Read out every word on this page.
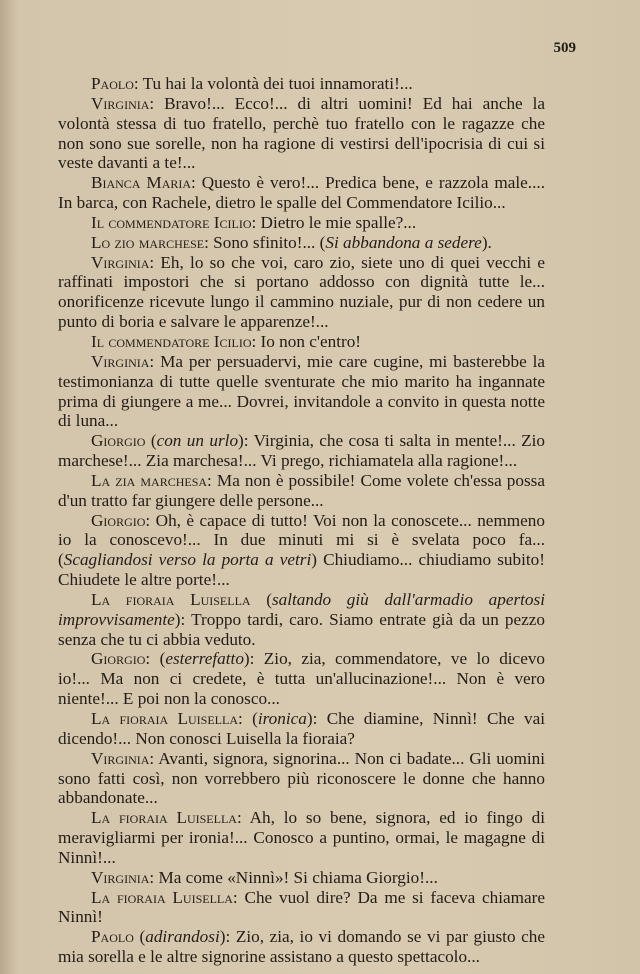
509

Paolo: Tu hai la volontà dei tuoi innamorati!...

Virginia: Bravo!... Ecco!... di altri uomini! Ed hai anche la volontà stessa di tuo fratello, perchè tuo fratello con le ragazze che non sono sue sorelle, non ha ragione di vestirsi dell'ipocrisia di cui si veste davanti a te!...

Bianca Maria: Questo è vero!... Predica bene, e razzola male.... In barca, con Rachele, dietro le spalle del Commendatore Icilio...

Il commendatore Icilio: Dietro le mie spalle?...

Lo zio marchese: Sono sfinito!... (Si abbandona a sedere).

Virginia: Eh, lo so che voi, caro zio, siete uno di quei vecchi e raffinati impostori che si portano addosso con dignità tutte le... onorificenze ricevute lungo il cammino nuziale, pur di non cedere un punto di boria e salvare le apparenze!...

Il commendatore Icilio: Io non c'entro!

Virginia: Ma per persuadervi, mie care cugine, mi basterebbe la testimonianza di tutte quelle sventurate che mio marito ha ingannate prima di giungere a me... Dovrei, invitandole a convito in questa notte di luna...

Giorgio (con un urlo): Virginia, che cosa ti salta in mente!... Zio marchese!... Zia marchesa!... Vi prego, richiamatela alla ragione!...

La zia marchesa: Ma non è possibile! Come volete ch'essa possa d'un tratto far giungere delle persone...

Giorgio: Oh, è capace di tutto! Voi non la conoscete... nemmeno io la conoscevo!... In due minuti mi si è svelata poco fa... (Scagliandosi verso la porta a vetri) Chiudiamo... chiudiamo subito! Chiudete le altre porte!...

La fioraia Luisella (saltando giù dall'armadio apertosi improvvisamente): Troppo tardi, caro. Siamo entrate già da un pezzo senza che tu ci abbia veduto.

Giorgio: (esterrefatto): Zio, zia, commendatore, ve lo dicevo io!... Ma non ci credete, è tutta un'allucinazione!... Non è vero niente!... E poi non la conosco...

La fioraia Luisella: (ironica): Che diamine, Ninnì! Che vai dicendo!... Non conosci Luisella la fioraia?

Virginia: Avanti, signora, signorina... Non ci badate... Gli uomini sono fatti così, non vorrebbero più riconoscere le donne che hanno abbandonate...

La fioraia Luisella: Ah, lo so bene, signora, ed io fingo di meravigliarmi per ironia!... Conosco a puntino, ormai, le magagne di Ninnì!...

Virginia: Ma come «Ninnì»! Si chiama Giorgio!...

La fioraia Luisella: Che vuol dire? Da me si faceva chiamare Ninnì!

Paolo (adirandosi): Zio, zia, io vi domando se vi par giusto che mia sorella e le altre signorine assistano a questo spettacolo...
